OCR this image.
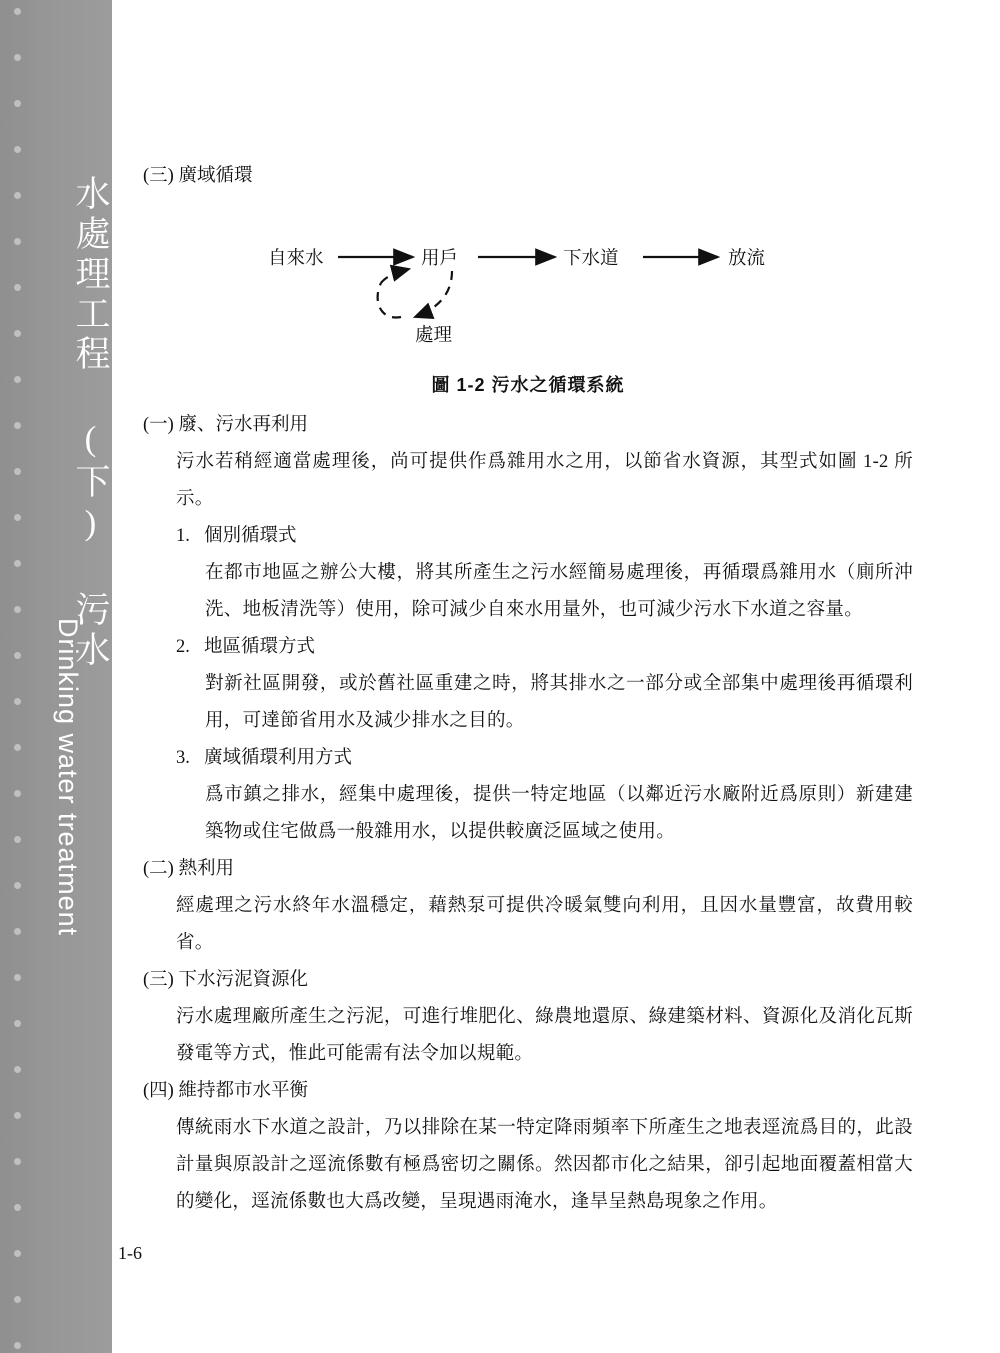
水處理工程 (下) 污水
Drinking water treatment
(三) 廣域循環
自來水	用戶	下水道	放流
處理
圖 1-2 污水之循環系統
(一) 廢、污水再利用

污水若稍經適當處理後，尚可提供作爲雜用水之用，以節省水資源，其型式如圖 1-2 所示。

1. 個別循環式

在都市地區之辦公大樓，將其所產生之污水經簡易處理後，再循環爲雜用水（廁所沖洗、地板清洗等）使用，除可減少自來水用量外，也可減少污水下水道之容量。

2. 地區循環方式

對新社區開發，或於舊社區重建之時，將其排水之一部分或全部集中處理後再循環利用，可達節省用水及減少排水之目的。

3. 廣域循環利用方式

爲市鎮之排水，經集中處理後，提供一特定地區（以鄰近污水廠附近爲原則）新建建築物或住宅做爲一般雜用水，以提供較廣泛區域之使用。

(二) 熱利用

經處理之污水終年水溫穩定，藉熱泵可提供冷暖氣雙向利用，且因水量豐富，故費用較省。

(三) 下水污泥資源化

污水處理廠所產生之污泥，可進行堆肥化、綠農地還原、綠建築材料、資源化及消化瓦斯發電等方式，惟此可能需有法令加以規範。

(四) 維持都市水平衡

傳統雨水下水道之設計，乃以排除在某一特定降雨頻率下所產生之地表逕流爲目的，此設計量與原設計之逕流係數有極爲密切之關係。然因都市化之結果，卻引起地面覆蓋相當大的變化，逕流係數也大爲改變，呈現遇雨淹水，逢旱呈熱島現象之作用。

1-6
